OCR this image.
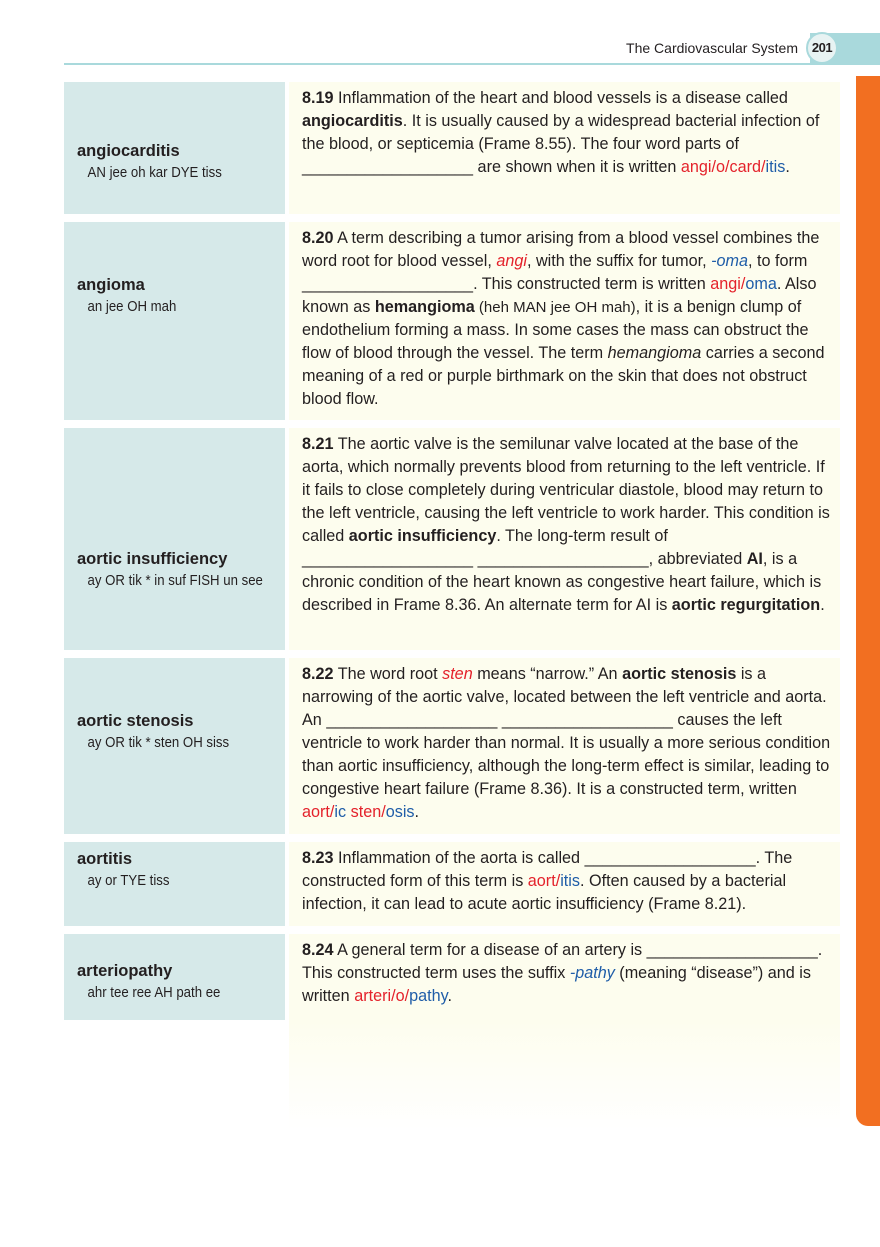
The Cardiovascular System	201
angiocarditis
AN jee oh kar DYE tiss
8.19 Inflammation of the heart and blood vessels is a disease called angiocarditis. It is usually caused by a widespread bacterial infection of the blood, or septicemia (Frame 8.55). The four word parts of ___________________ are shown when it is written angi/o/card/itis.
angioma
an jee OH mah
8.20 A term describing a tumor arising from a blood vessel combines the word root for blood vessel, angi, with the suffix for tumor, -oma, to form ___________________. This constructed term is written angi/oma. Also known as hemangioma (heh MAN jee OH mah), it is a benign clump of endothelium forming a mass. In some cases the mass can obstruct the flow of blood through the vessel. The term hemangioma carries a second meaning of a red or purple birthmark on the skin that does not obstruct blood flow.
aortic insufficiency
ay OR tik * in suf FISH un see
8.21 The aortic valve is the semilunar valve located at the base of the aorta, which normally prevents blood from returning to the left ventricle. If it fails to close completely during ventricular diastole, blood may return to the left ventricle, causing the left ventricle to work harder. This condition is called aortic insufficiency. The long-term result of ___________________ ___________________, abbreviated AI, is a chronic condition of the heart known as congestive heart failure, which is described in Frame 8.36. An alternate term for AI is aortic regurgitation.
aortic stenosis
ay OR tik * sten OH siss
8.22 The word root sten means “narrow.” An aortic stenosis is a narrowing of the aortic valve, located between the left ventricle and aorta. An ___________________ ___________________ causes the left ventricle to work harder than normal. It is usually a more serious condition than aortic insufficiency, although the long-term effect is similar, leading to congestive heart failure (Frame 8.36). It is a constructed term, written aort/ic sten/osis.
aortitis
ay or TYE tiss
8.23 Inflammation of the aorta is called ___________________. The constructed form of this term is aort/itis. Often caused by a bacterial infection, it can lead to acute aortic insufficiency (Frame 8.21).
arteriopathy
ahr tee ree AH path ee
8.24 A general term for a disease of an artery is ___________________. This constructed term uses the suffix -pathy (meaning “disease”) and is written arteri/o/pathy.
